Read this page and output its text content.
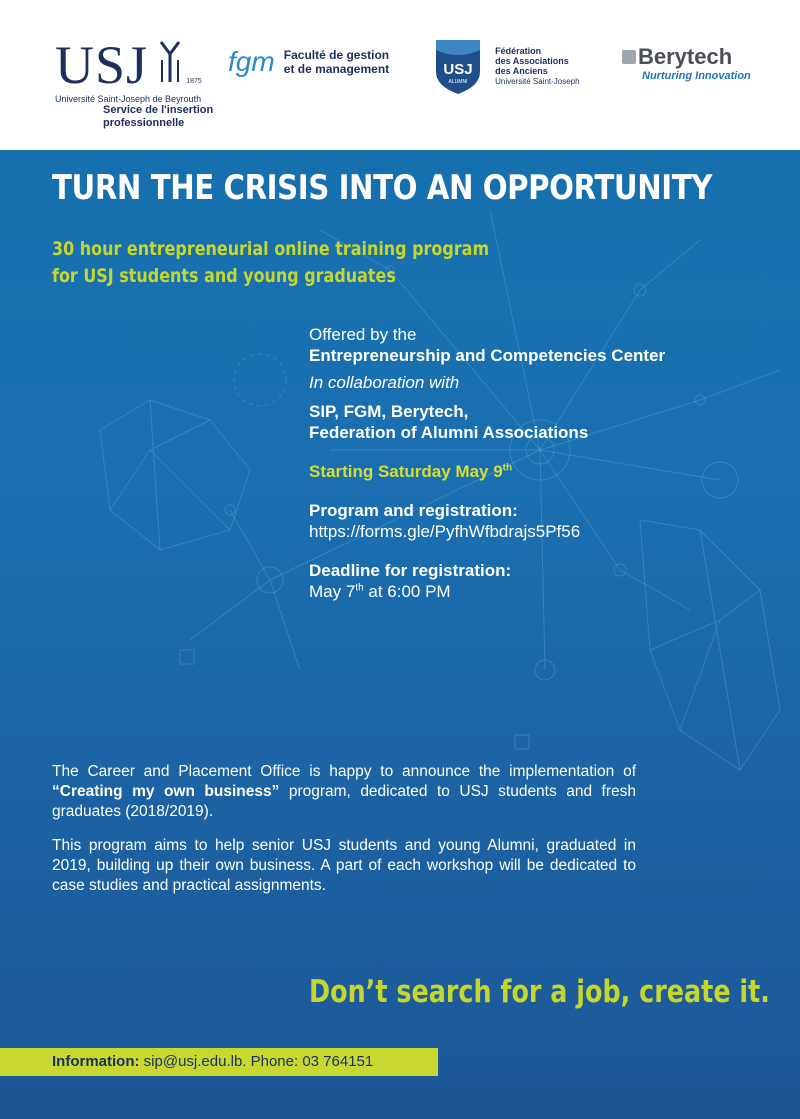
USJ	1875
Université Saint-Joseph de Beyrouth
Service de l'insertion
professionnelle
fgm Faculté de gestion
et de management	USJ
ALUMNI
Fédération
des Associations
des Anciens
Université Saint-Joseph
Berytech
Nurturing Innovation
TURN THE CRISIS INTO AN OPPORTUNITY
30 hour entrepreneurial online training program
for USJ students and young graduates
Offered by the
Entrepreneurship and Competencies Center
In collaboration with
SIP, FGM, Berytech,
Federation of Alumni Associations
Starting Saturday May 9th
Program and registration:
https://forms.gle/PyfhWfbdrajs5Pf56
Deadline for registration:
May 7th at 6:00 PM

The Career and Placement Office is happy to announce the implementation of “Creating my own business” program, dedicated to USJ students and fresh graduates (2018/2019).

This program aims to help senior USJ students and young Alumni, graduated in 2019, building up their own business. A part of each workshop will be dedicated to case studies and practical assignments.

Don’t search for a job, create it.
Information: sip@usj.edu.lb. Phone: 03 764151
